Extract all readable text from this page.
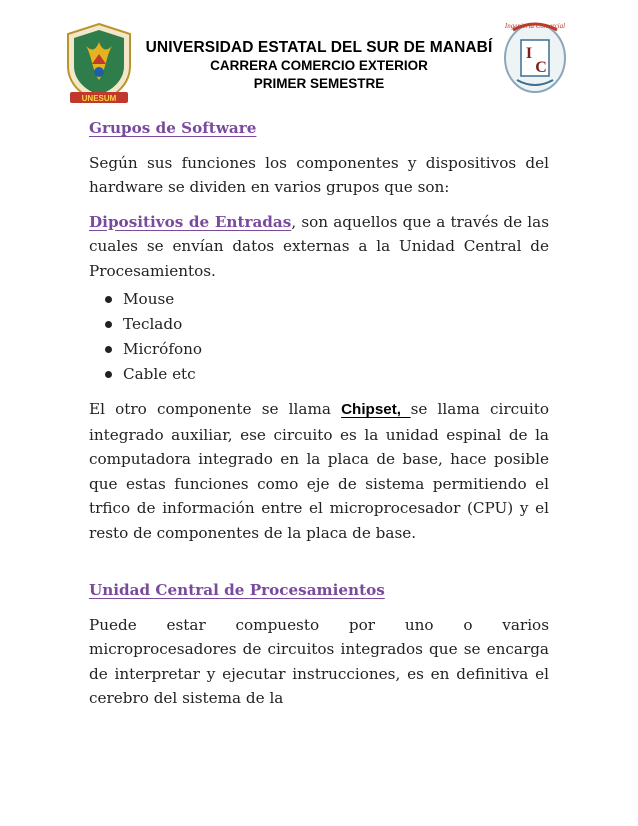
UNESUM
UNIVERSIDAD ESTATAL DEL SUR DE MANABÍ
CARRERA COMERCIO EXTERIOR
PRIMER SEMESTRE
Ingeniería Comercial
I
C

Grupos de Software

Según sus funciones los componentes y dispositivos del hardware se dividen en varios grupos que son:

Dipositivos de Entradas, son aquellos que a través de las cuales se envían datos externas a la Unidad Central de Procesamientos.

Mouse
Teclado
Micrófono
Cable etc

El otro componente se llama Chipset, se llama circuito integrado auxiliar, ese circuito es la unidad espinal de la computadora integrado en la placa de base, hace posible que estas funciones como eje de sistema permitiendo el trfico de información entre el microprocesador (CPU) y el resto de componentes de la placa de base.

Unidad Central de Procesamientos

Puede estar compuesto por uno o varios microprocesadores de circuitos integrados que se encarga de interpretar y ejecutar instrucciones, es en definitiva el cerebro del sistema de la
